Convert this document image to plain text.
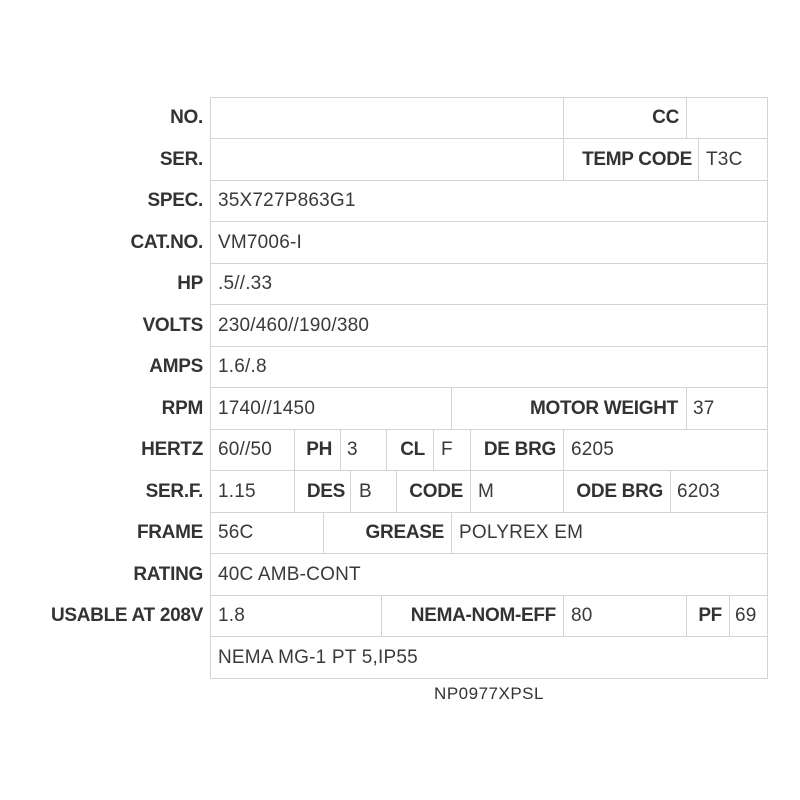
NO.	CC
SER.	TEMP CODE T3C
SPEC. 35X727P863G1
CAT.NO. VM7006-I
HP .5//.33
VOLTS 230/460//190/380
AMPS 1.6/.8
RPM 1740//1450	MOTOR WEIGHT 37
HERTZ 60//50	PH 3	CL F	DE BRG 6205
SER.F. 1.15	DES B	CODE M	ODE BRG 6203
FRAME 56C	GREASE POLYREX EM
RATING 40C AMB-CONT
USABLE AT 208V 1.8	NEMA-NOM-EFF 80	PF 69
NEMA MG-1 PT 5,IP55
NP0977XPSL
